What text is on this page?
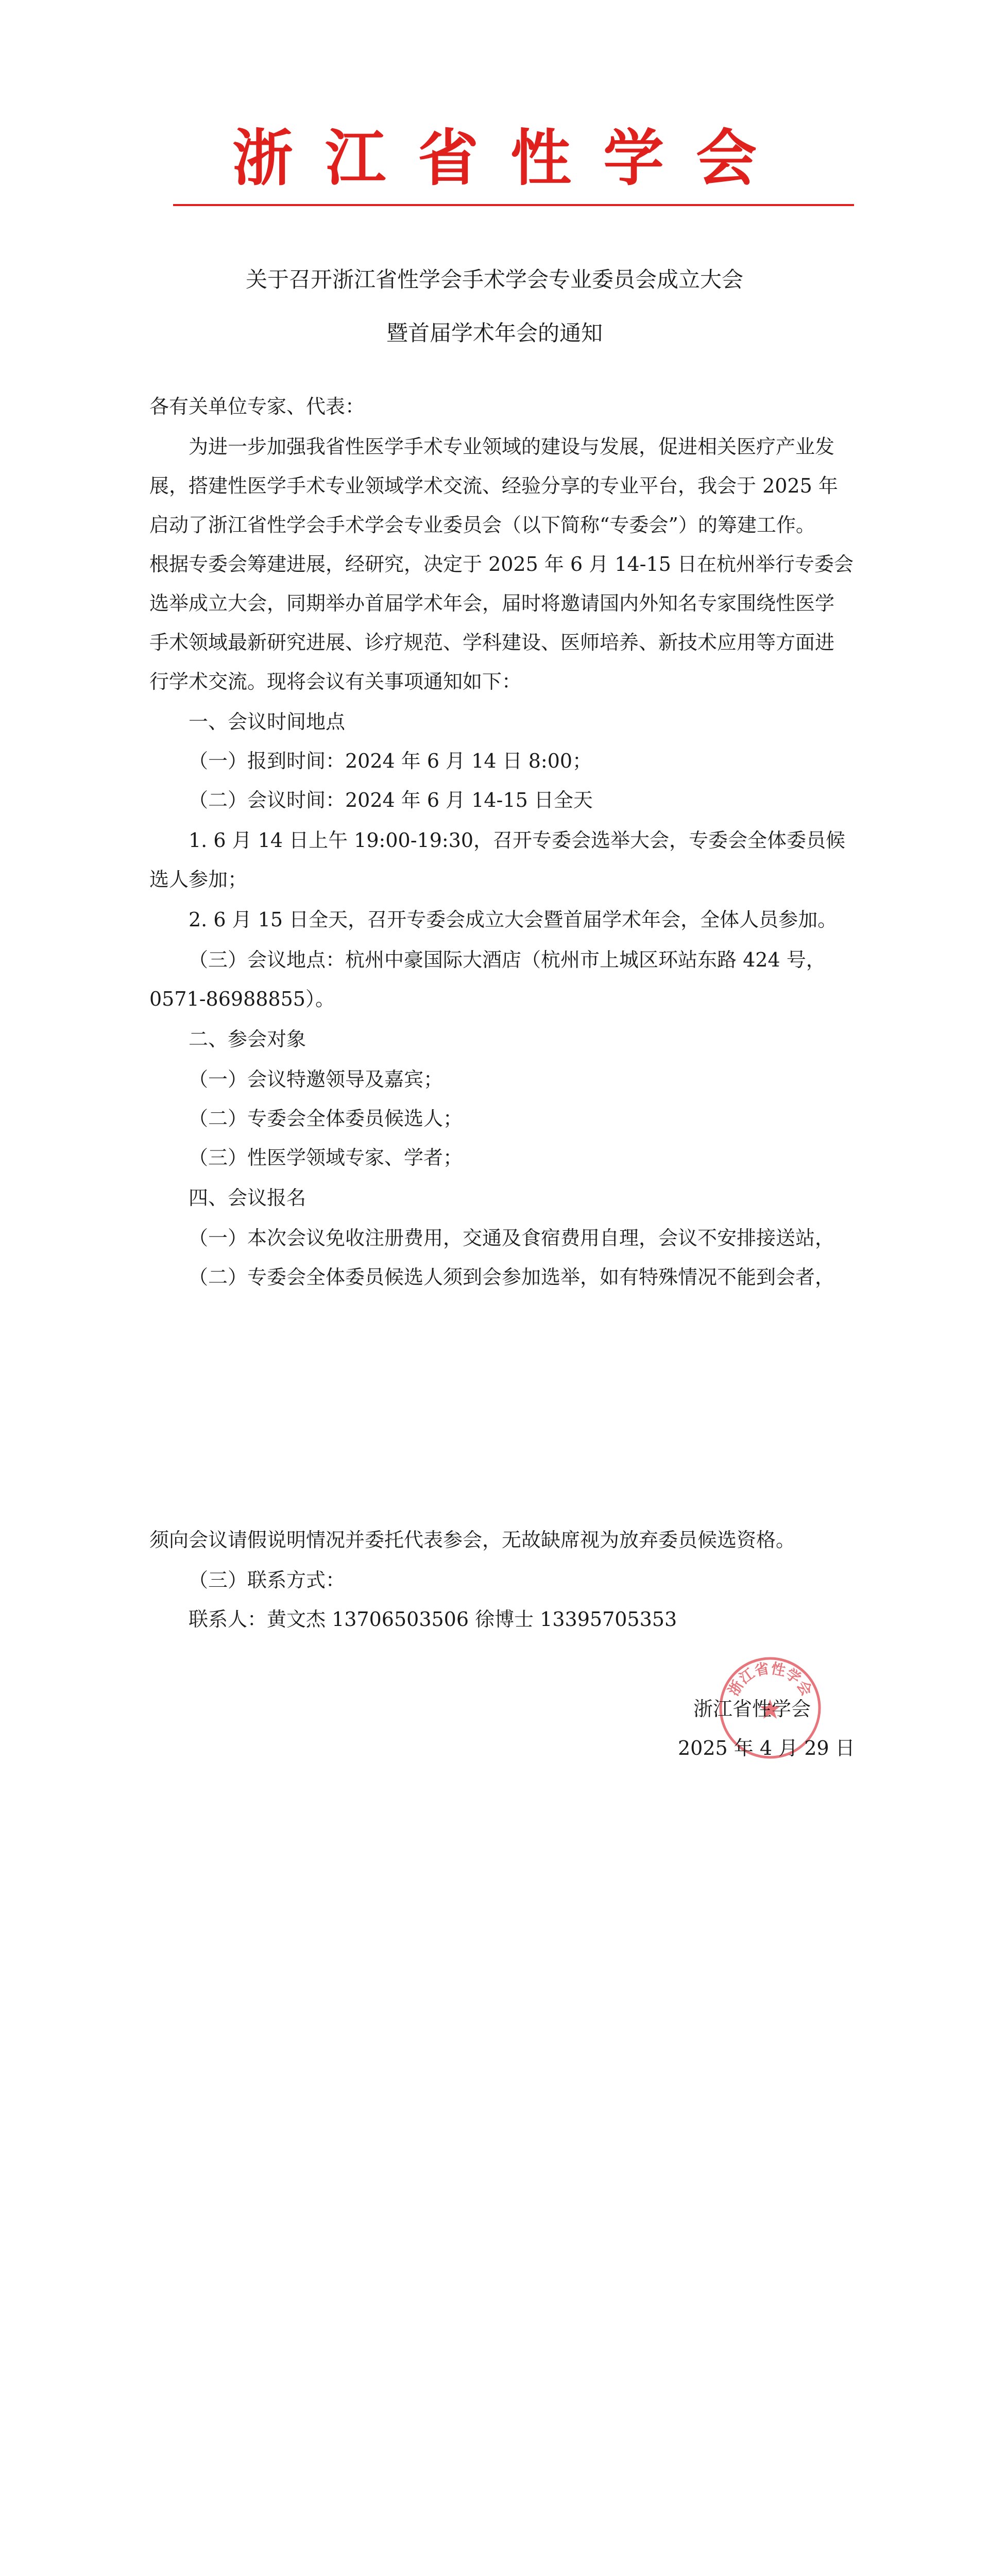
浙江省性学会
关于召开浙江省性学会手术学会专业委员会成立大会
暨首届学术年会的通知
各有关单位专家、代表：
为进一步加强我省性医学手术专业领域的建设与发展，促进相关医疗产业发
展，搭建性医学手术专业领域学术交流、经验分享的专业平台，我会于 2025 年
启动了浙江省性学会手术学会专业委员会（以下简称“专委会”）的筹建工作。
根据专委会筹建进展，经研究，决定于 2025 年 6 月 14-15 日在杭州举行专委会
选举成立大会，同期举办首届学术年会，届时将邀请国内外知名专家围绕性医学
手术领域最新研究进展、诊疗规范、学科建设、医师培养、新技术应用等方面进
行学术交流。现将会议有关事项通知如下：
一、会议时间地点
（一）报到时间：2024 年 6 月 14 日 8:00；
（二）会议时间：2024 年 6 月 14-15 日全天
1. 6 月 14 日上午 19:00-19:30，召开专委会选举大会，专委会全体委员候
选人参加；
2. 6 月 15 日全天，召开专委会成立大会暨首届学术年会，全体人员参加。
（三）会议地点：杭州中豪国际大酒店（杭州市上城区环站东路 424 号，
0571-86988855）。
二、参会对象
（一）会议特邀领导及嘉宾；
（二）专委会全体委员候选人；
（三）性医学领域专家、学者；
四、会议报名
（一）本次会议免收注册费用，交通及食宿费用自理，会议不安排接送站，
（二）专委会全体委员候选人须到会参加选举，如有特殊情况不能到会者，
须向会议请假说明情况并委托代表参会，无故缺席视为放弃委员候选资格。
（三）联系方式：
联系人：黄文杰 13706503506 徐博士 13395705353
浙江省性学会
浙江省性学会
2025 年 4 月 29 日
